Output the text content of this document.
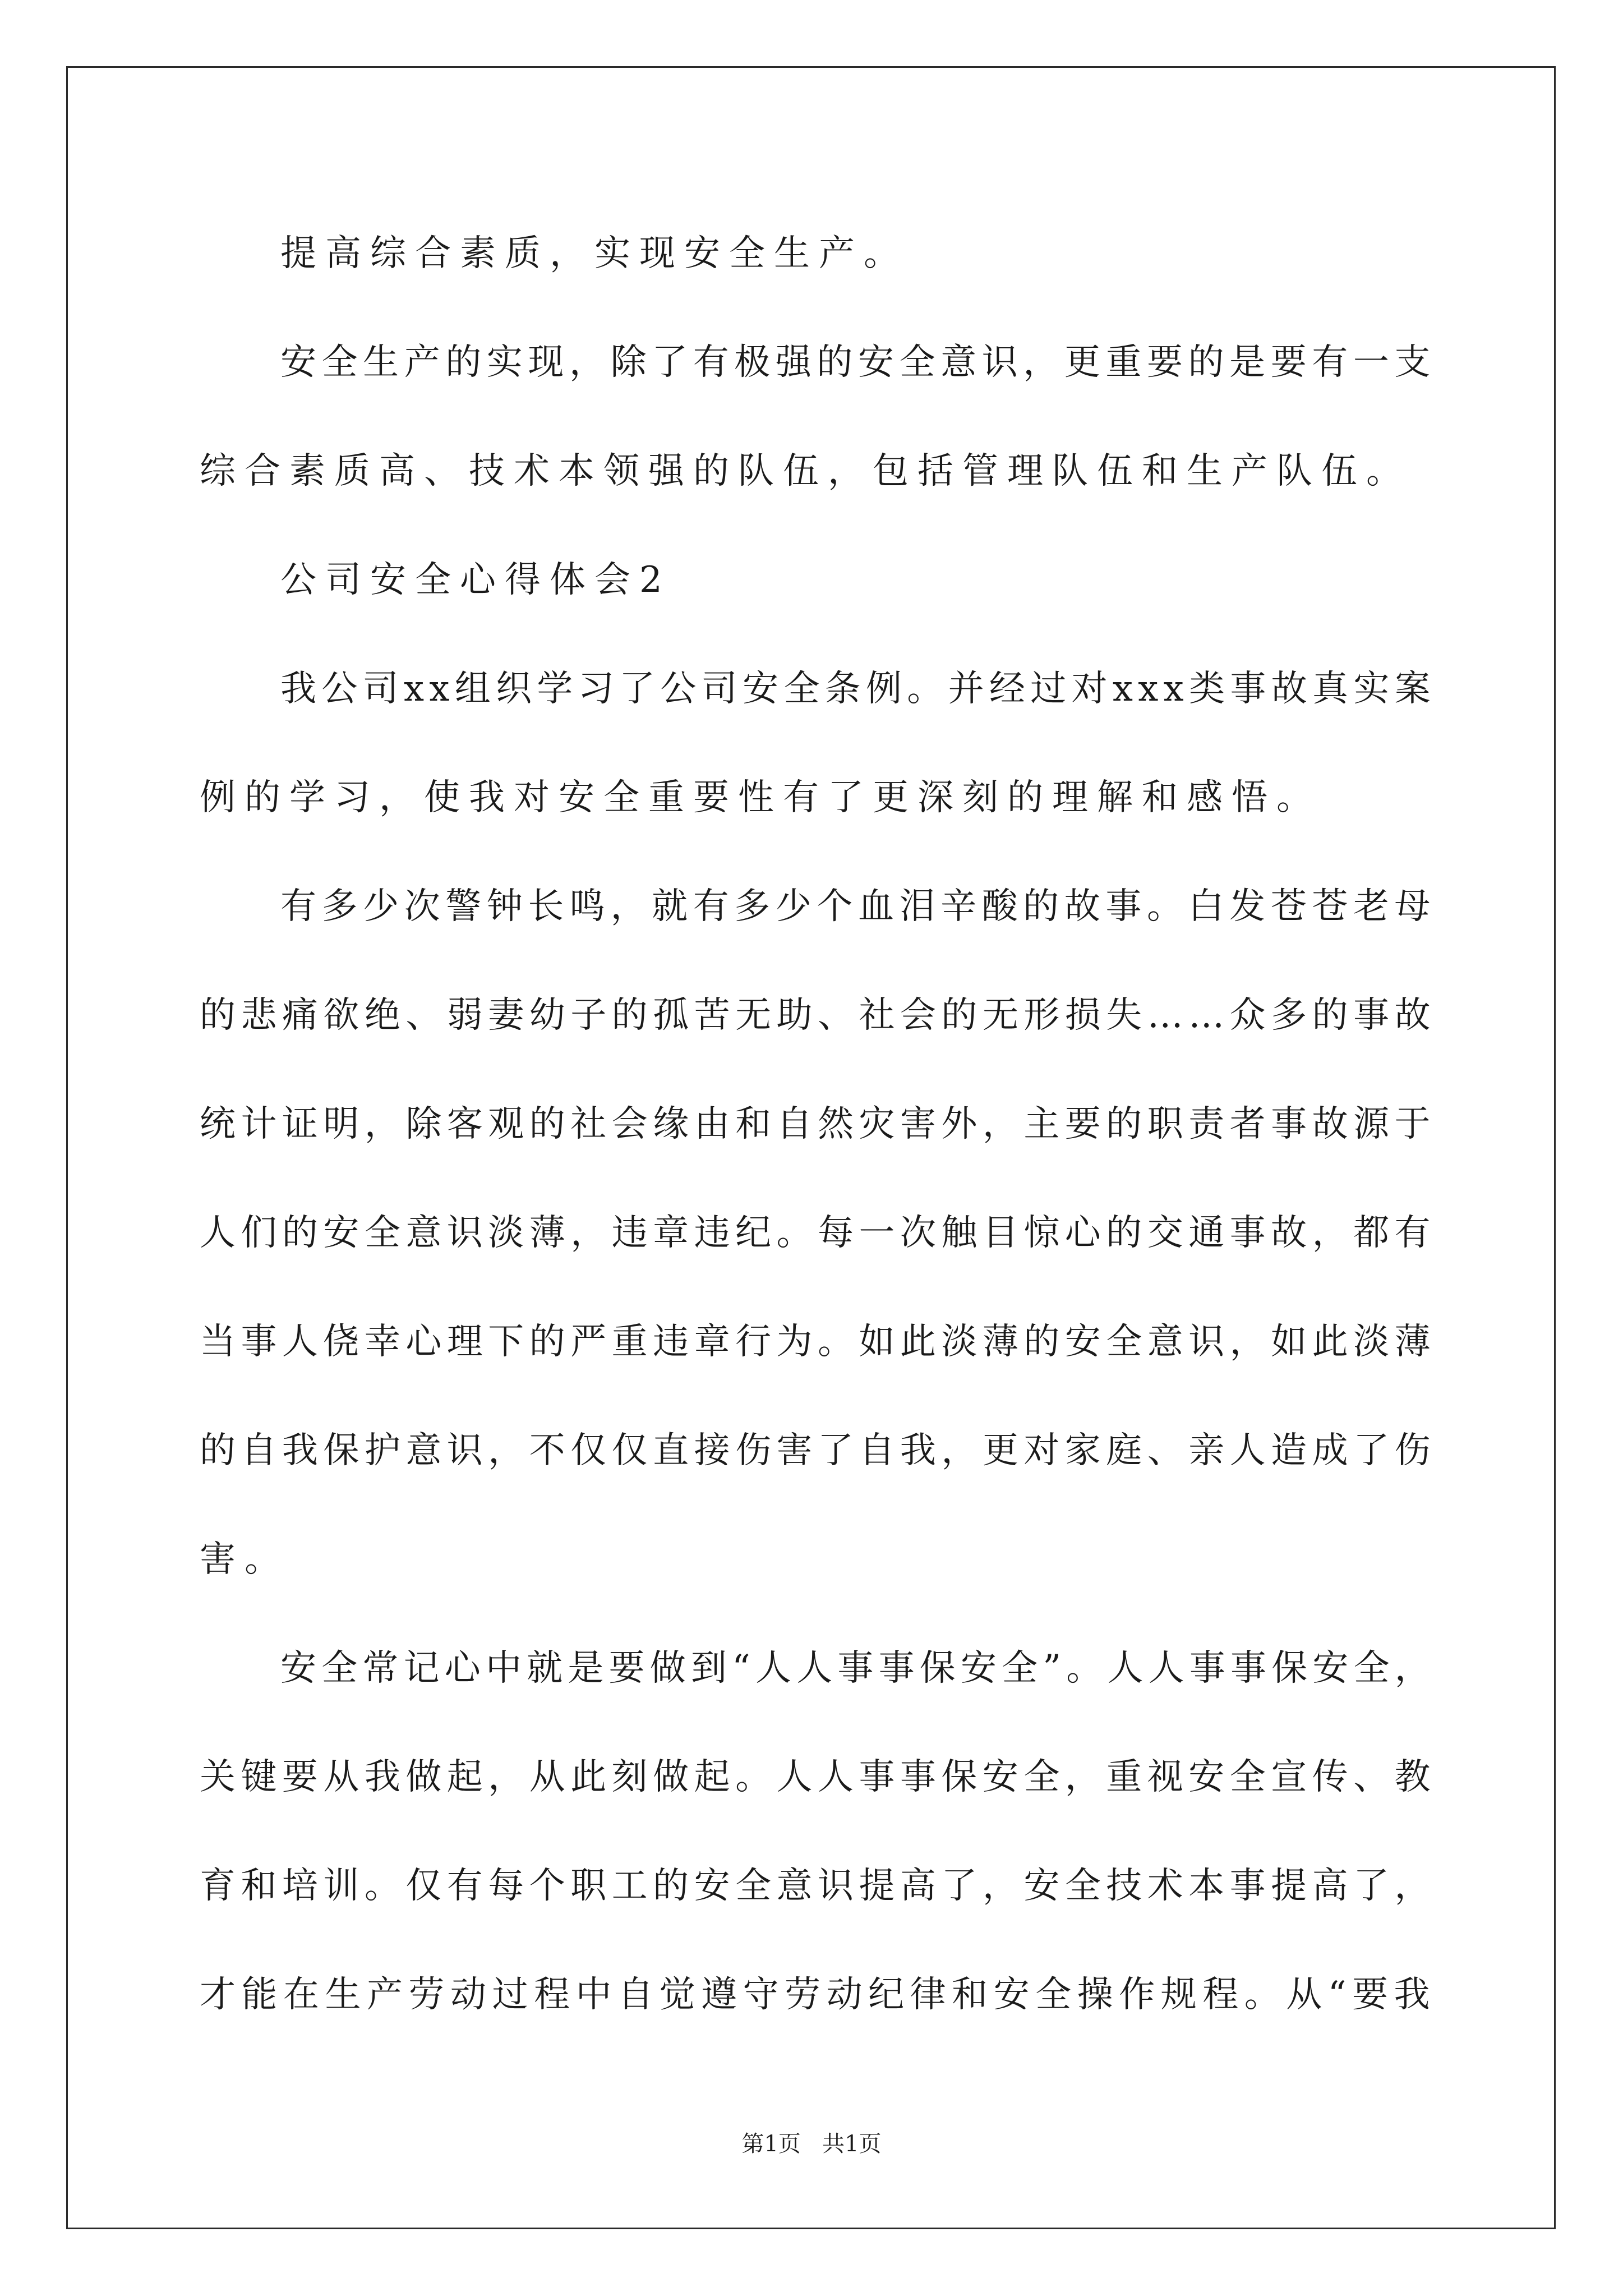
提高综合素质，实现安全生产。
安全生产的实现，除了有极强的安全意识，更重要的是要有一支
综合素质高、技术本领强的队伍，包括管理队伍和生产队伍。
公司安全心得体会2
我公司xx组织学习了公司安全条例。并经过对xxx类事故真实案
例的学习，使我对安全重要性有了更深刻的理解和感悟。
有多少次警钟长鸣，就有多少个血泪辛酸的故事。白发苍苍老母
的悲痛欲绝、弱妻幼子的孤苦无助、社会的无形损失……众多的事故
统计证明，除客观的社会缘由和自然灾害外，主要的职责者事故源于
人们的安全意识淡薄，违章违纪。每一次触目惊心的交通事故，都有
当事人侥幸心理下的严重违章行为。如此淡薄的安全意识，如此淡薄
的自我保护意识，不仅仅直接伤害了自我，更对家庭、亲人造成了伤
害。
安全常记心中就是要做到“人人事事保安全”。人人事事保安全，
关键要从我做起，从此刻做起。人人事事保安全，重视安全宣传、教
育和培训。仅有每个职工的安全意识提高了，安全技术本事提高了，
才能在生产劳动过程中自觉遵守劳动纪律和安全操作规程。从“要我
第1页   共1页
